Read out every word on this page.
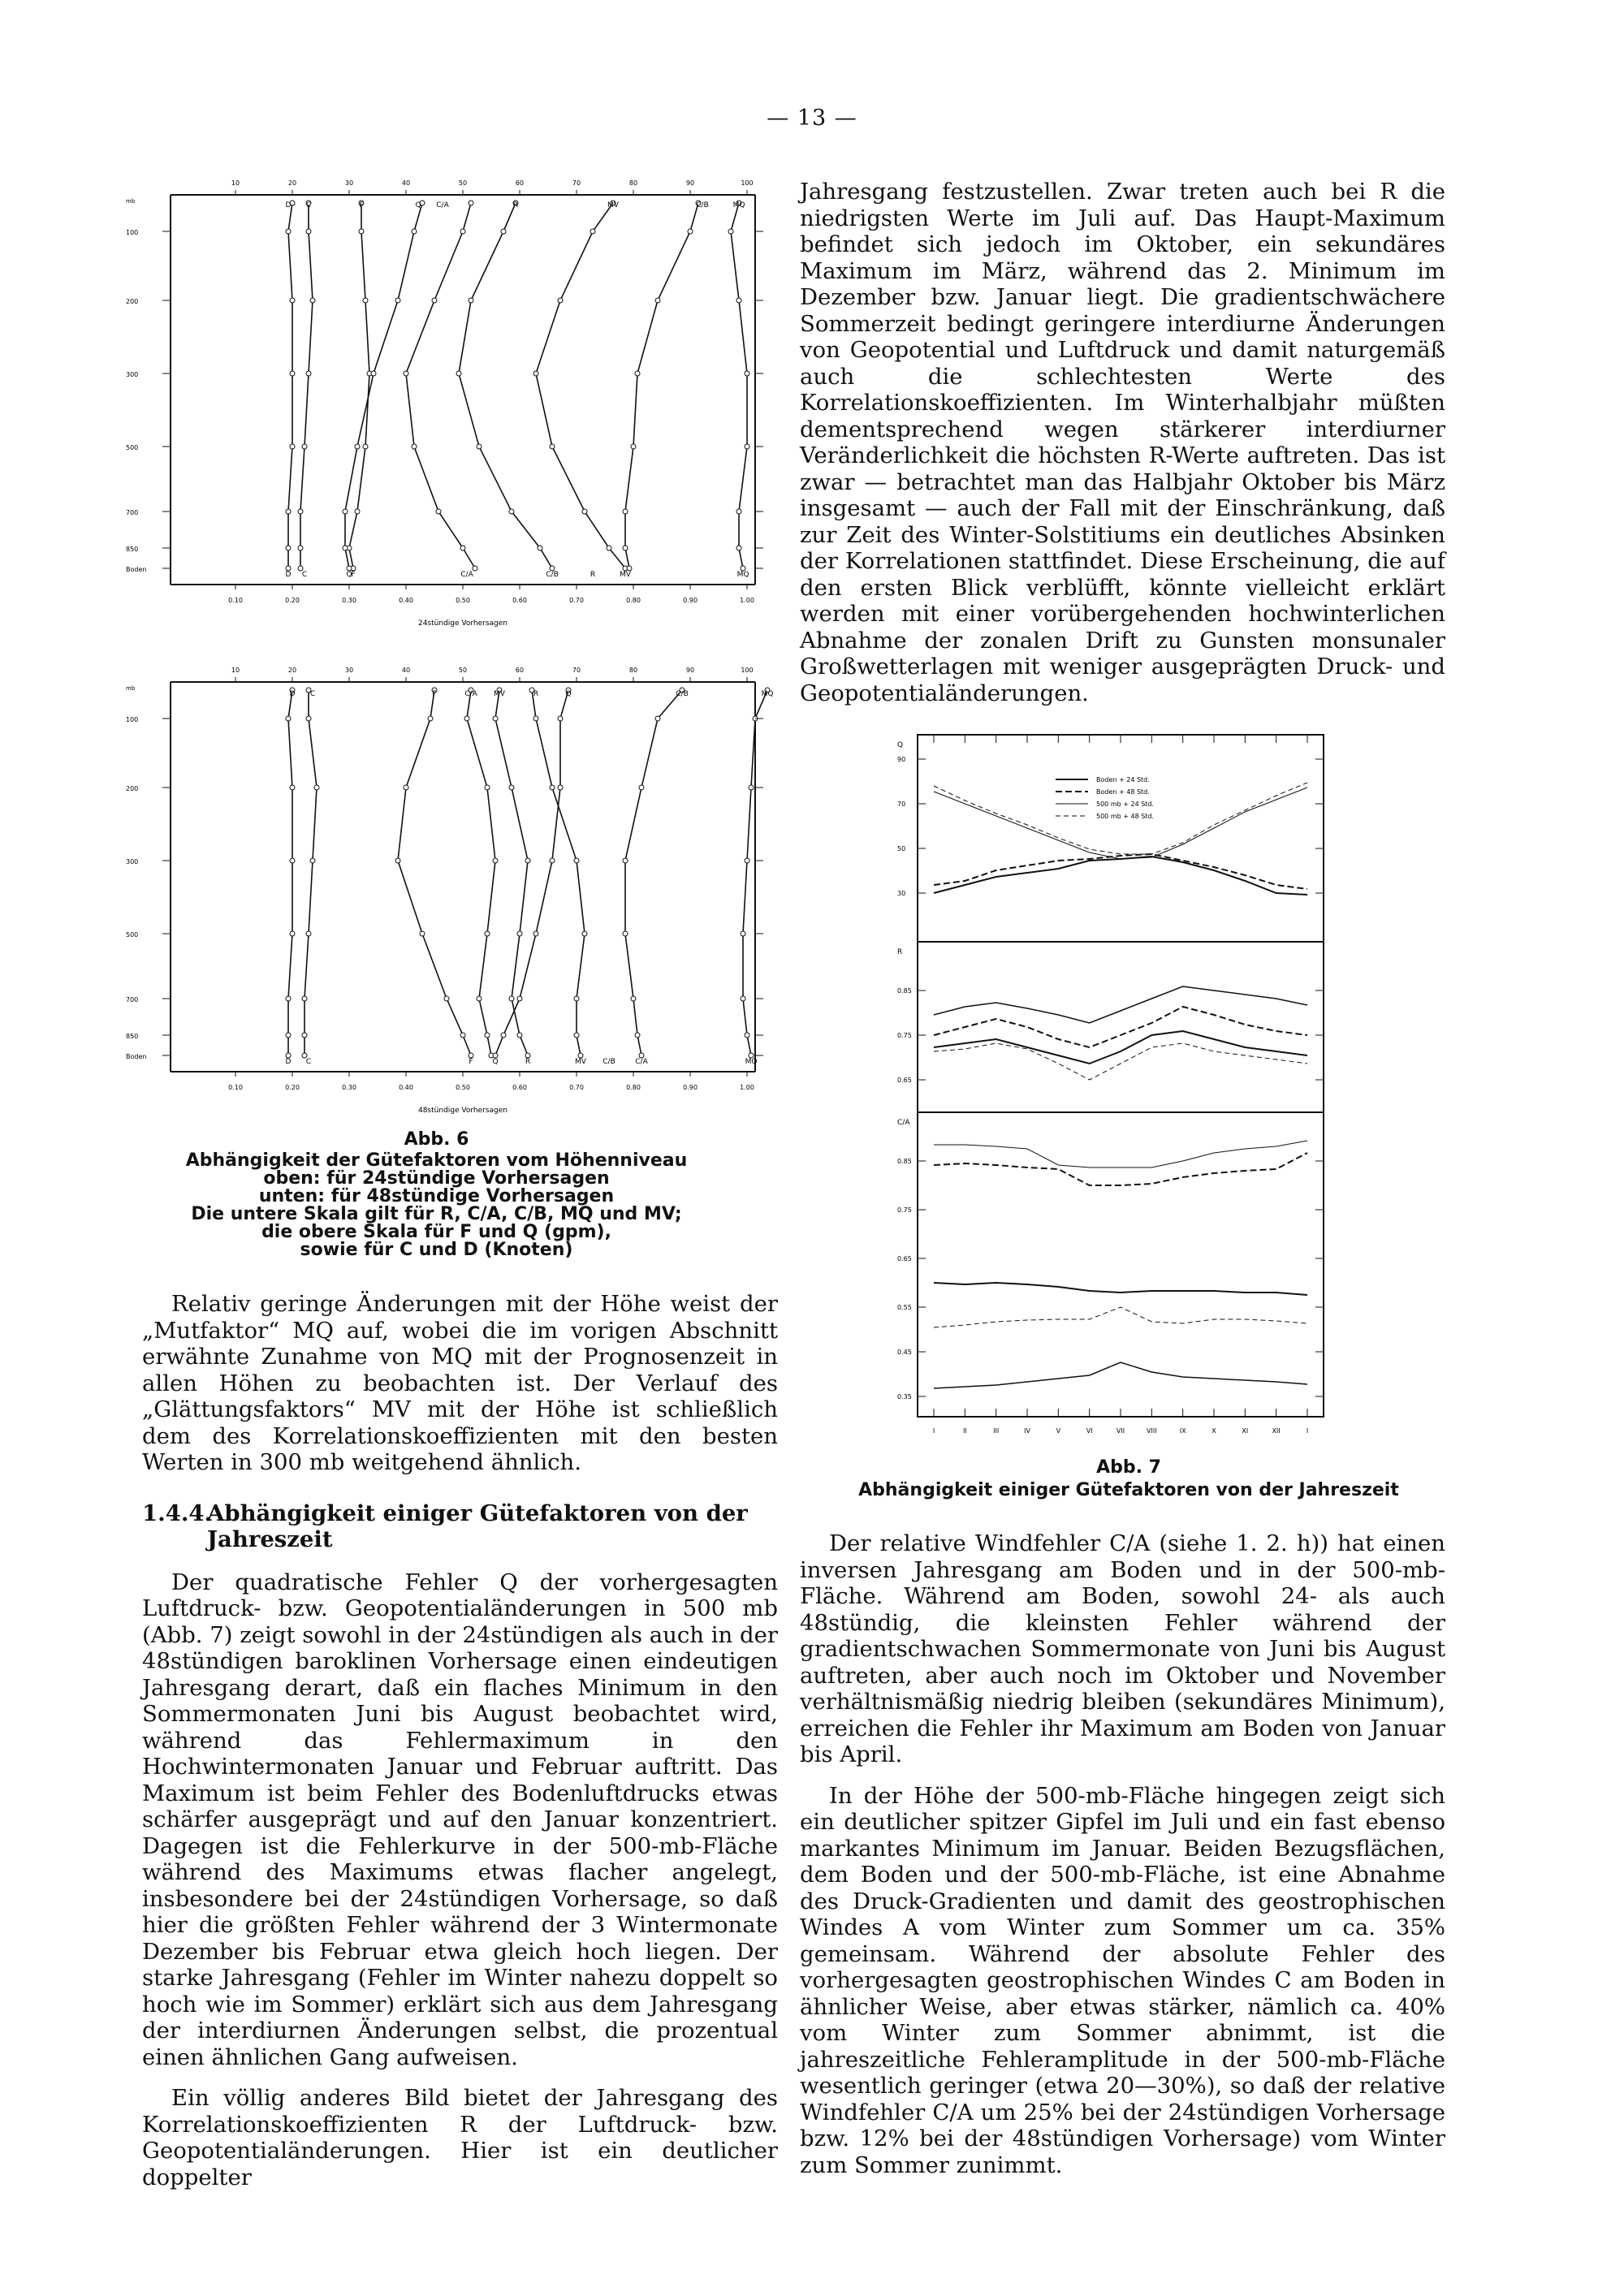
— 13 —

Jahresgang festzustellen. Zwar treten auch bei R die niedrigsten Werte im Juli auf. Das Haupt-Maximum befindet sich jedoch im Oktober, ein sekundäres Maximum im März, während das 2. Minimum im Dezember bzw. Januar liegt. Die gradientschwächere Sommerzeit bedingt geringere interdiurne Änderungen von Geopotential und Luftdruck und damit naturgemäß auch die schlechtesten Werte des Korrelationskoeffizienten. Im Winterhalbjahr müßten dementsprechend wegen stärkerer interdiurner Veränderlichkeit die höchsten R-Werte auftreten. Das ist zwar — betrachtet man das Halbjahr Oktober bis März insgesamt — auch der Fall mit der Einschränkung, daß zur Zeit des Winter-Solstitiums ein deutliches Absinken der Korrelationen stattfindet. Diese Erscheinung, die auf den ersten Blick verblüfft, könnte vielleicht erklärt werden mit einer vorübergehenden hochwinterlichen Abnahme der zonalen Drift zu Gunsten monsunaler Großwetterlagen mit weniger ausgeprägten Druck- und Geopotentialänderungen.

10	20	30	40	50	60	70	80	90	100
0.10	0.20	0.30	0.40	0.50	0.60	0.70	0.80	0.90	1.00
mb
100
200
300
500
700
850
Boden
10	20	30	40	50	60	70	80	90	100
0.10	0.20	0.30	0.40	0.50	0.60	0.70	0.80	0.90	1.00
mb
100
200
300
500
700
850
Boden
D C	F	Q C/A	R	MV	C/B	MQ
D C	F
Q	C/A	C/B	R	MV	MQ
D C	F	C/A MV	R	Q	C/B	MQ
D C	F	Q	R	MV C/B	C/A	MQ
24stündige Vorhersagen
48stündige Vorhersagen
Abb. 6
Abhängigkeit der Gütefaktoren vom Höhenniveau
oben: für 24stündige Vorhersagen
unten: für 48stündige Vorhersagen
Die untere Skala gilt für R, C/A, C/B, MQ und MV;
die obere Skala für F und Q (gpm),
sowie für C und D (Knoten)

Relativ geringe Änderungen mit der Höhe weist der „Mutfaktor“ MQ auf, wobei die im vorigen Abschnitt erwähnte Zunahme von MQ mit der Prognosenzeit in allen Höhen zu beobachten ist. Der Verlauf des „Glättungsfaktors“ MV mit der Höhe ist schließlich dem des Korrelationskoeffizienten mit den besten Werten in 300 mb weitgehend ähnlich.

1.4.4.Abhängigkeit einiger Gütefaktoren von der
Jahreszeit

Der quadratische Fehler Q der vorhergesagten Luftdruck- bzw. Geopotentialänderungen in 500 mb (Abb. 7) zeigt sowohl in der 24stündigen als auch in der 48stündigen baroklinen Vorhersage einen eindeutigen Jahresgang derart, daß ein flaches Minimum in den Sommermonaten Juni bis August beobachtet wird, während das Fehlermaximum in den Hochwintermonaten Januar und Februar auftritt. Das Maximum ist beim Fehler des Bodenluftdrucks etwas schärfer ausgeprägt und auf den Januar konzentriert. Dagegen ist die Fehlerkurve in der 500-mb-Fläche während des Maximums etwas flacher angelegt, insbesondere bei der 24stündigen Vorhersage, so daß hier die größten Fehler während der 3 Wintermonate Dezember bis Februar etwa gleich hoch liegen. Der starke Jahresgang (Fehler im Winter nahezu doppelt so hoch wie im Sommer) erklärt sich aus dem Jahresgang der interdiurnen Änderungen selbst, die prozentual einen ähnlichen Gang aufweisen.

Ein völlig anderes Bild bietet der Jahresgang des Korrelationskoeffizienten R der Luftdruck- bzw. Geopotentialänderungen. Hier ist ein deutlicher doppelter

I	II	III	IV	V	VI	VII	VIII	IX	X	XI	XII	I
Q
90
70
50
30
R
0.85
0.75
0.65
C/A
0.85
0.75
0.65
0.55
0.45
0.35
Boden + 24 Std.
Boden + 48 Std.
500 mb + 24 Std.
500 mb + 48 Std.
Abb. 7
Abhängigkeit einiger Gütefaktoren von der Jahreszeit

Der relative Windfehler C/A (siehe 1. 2. h)) hat einen inversen Jahresgang am Boden und in der 500-mb-Fläche. Während am Boden, sowohl 24- als auch 48stündig, die kleinsten Fehler während der gradientschwachen Sommermonate von Juni bis August auftreten, aber auch noch im Oktober und November verhältnismäßig niedrig bleiben (sekundäres Minimum), erreichen die Fehler ihr Maximum am Boden von Januar bis April.

In der Höhe der 500-mb-Fläche hingegen zeigt sich ein deutlicher spitzer Gipfel im Juli und ein fast ebenso markantes Minimum im Januar. Beiden Bezugsflächen, dem Boden und der 500-mb-Fläche, ist eine Abnahme des Druck-Gradienten und damit des geostrophischen Windes A vom Winter zum Sommer um ca. 35% gemeinsam. Während der absolute Fehler des vorhergesagten geostrophischen Windes C am Boden in ähnlicher Weise, aber etwas stärker, nämlich ca. 40% vom Winter zum Sommer abnimmt, ist die jahreszeitliche Fehleramplitude in der 500-mb-Fläche wesentlich geringer (etwa 20—30%), so daß der relative Windfehler C/A um 25% bei der 24stündigen Vorhersage bzw. 12% bei der 48stündigen Vorhersage) vom Winter zum Sommer zunimmt.
